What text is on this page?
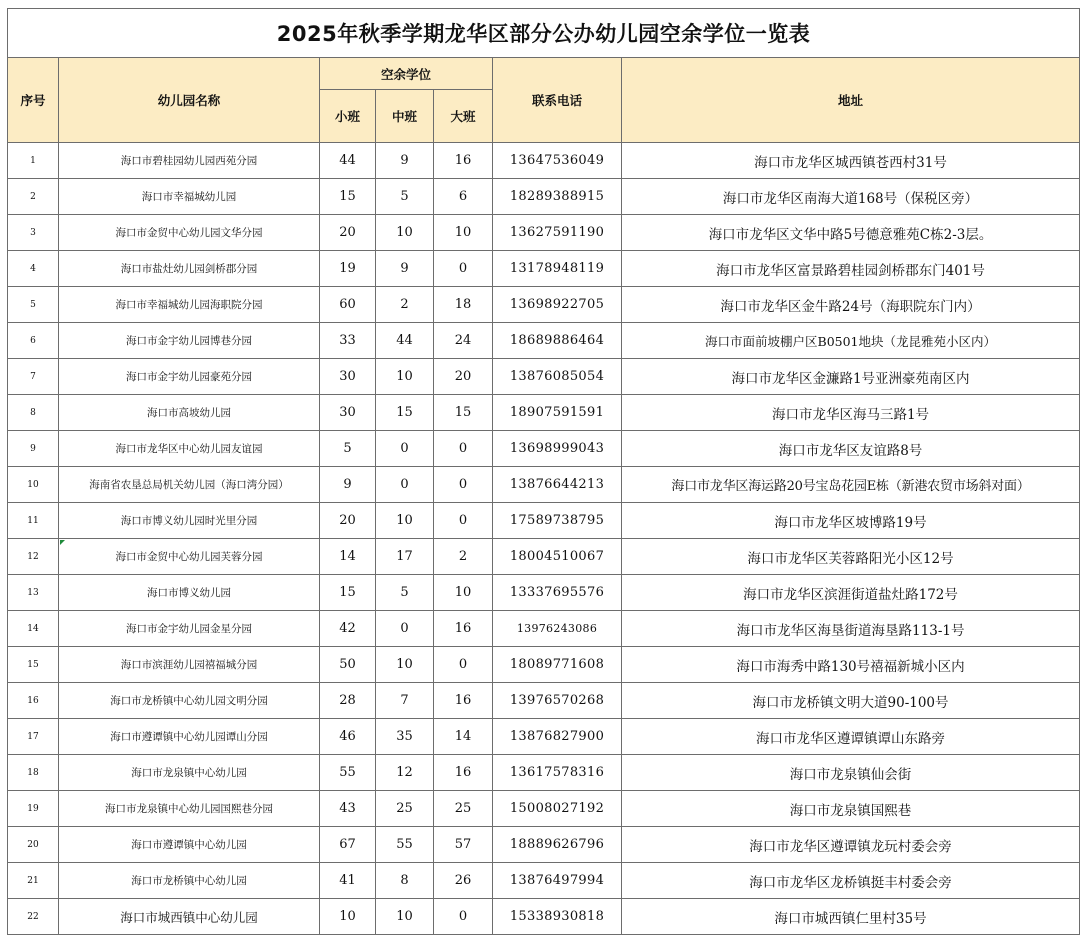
2025年秋季学期龙华区部分公办幼儿园空余学位一览表						
序号	幼儿园名称	空余学位			联系电话	地址
		小班	中班	大班		
1	海口市碧桂园幼儿园西苑分园	44	9	16	13647536049	海口市龙华区城西镇苍西村31号
2	海口市幸福城幼儿园	15	5	6	18289388915	海口市龙华区南海大道168号（保税区旁）
3	海口市金贸中心幼儿园文华分园	20	10	10	13627591190	海口市龙华区文华中路5号德意雅苑C栋2-3层。
4	海口市盐灶幼儿园剑桥郡分园	19	9	0	13178948119	海口市龙华区富景路碧桂园剑桥郡东门401号
5	海口市幸福城幼儿园海职院分园	60	2	18	13698922705	海口市龙华区金牛路24号（海职院东门内）
6	海口市金宇幼儿园博巷分园	33	44	24	18689886464	海口市面前坡棚户区B0501地块（龙昆雅苑小区内）
7	海口市金宇幼儿园豪苑分园	30	10	20	13876085054	海口市龙华区金濂路1号亚洲豪苑南区内
8	海口市高坡幼儿园	30	15	15	18907591591	海口市龙华区海马三路1号
9	海口市龙华区中心幼儿园友谊园	5	0	0	13698999043	海口市龙华区友谊路8号
10	海南省农垦总局机关幼儿园（海口湾分园）	9	0	0	13876644213	海口市龙华区海运路20号宝岛花园E栋（新港农贸市场斜对面）
11	海口市博义幼儿园时光里分园	20	10	0	17589738795	海口市龙华区坡博路19号
12	海口市金贸中心幼儿园芙蓉分园	14	17	2	18004510067	海口市龙华区芙蓉路阳光小区12号
13	海口市博义幼儿园	15	5	10	13337695576	海口市龙华区滨涯街道盐灶路172号
14	海口市金宇幼儿园金星分园	42	0	16	13976243086	海口市龙华区海垦街道海垦路113-1号
15	海口市滨涯幼儿园禧福城分园	50	10	0	18089771608	海口市海秀中路130号禧福新城小区内
16	海口市龙桥镇中心幼儿园文明分园	28	7	16	13976570268	海口市龙桥镇文明大道90-100号
17	海口市遵谭镇中心幼儿园谭山分园	46	35	14	13876827900	海口市龙华区遵谭镇谭山东路旁
18	海口市龙泉镇中心幼儿园	55	12	16	13617578316	海口市龙泉镇仙会街
19	海口市龙泉镇中心幼儿园国熙巷分园	43	25	25	15008027192	海口市龙泉镇国熙巷
20	海口市遵谭镇中心幼儿园	67	55	57	18889626796	海口市龙华区遵谭镇龙玩村委会旁
21	海口市龙桥镇中心幼儿园	41	8	26	13876497994	海口市龙华区龙桥镇挺丰村委会旁
22	海口市城西镇中心幼儿园	10	10	0	15338930818	海口市城西镇仁里村35号
